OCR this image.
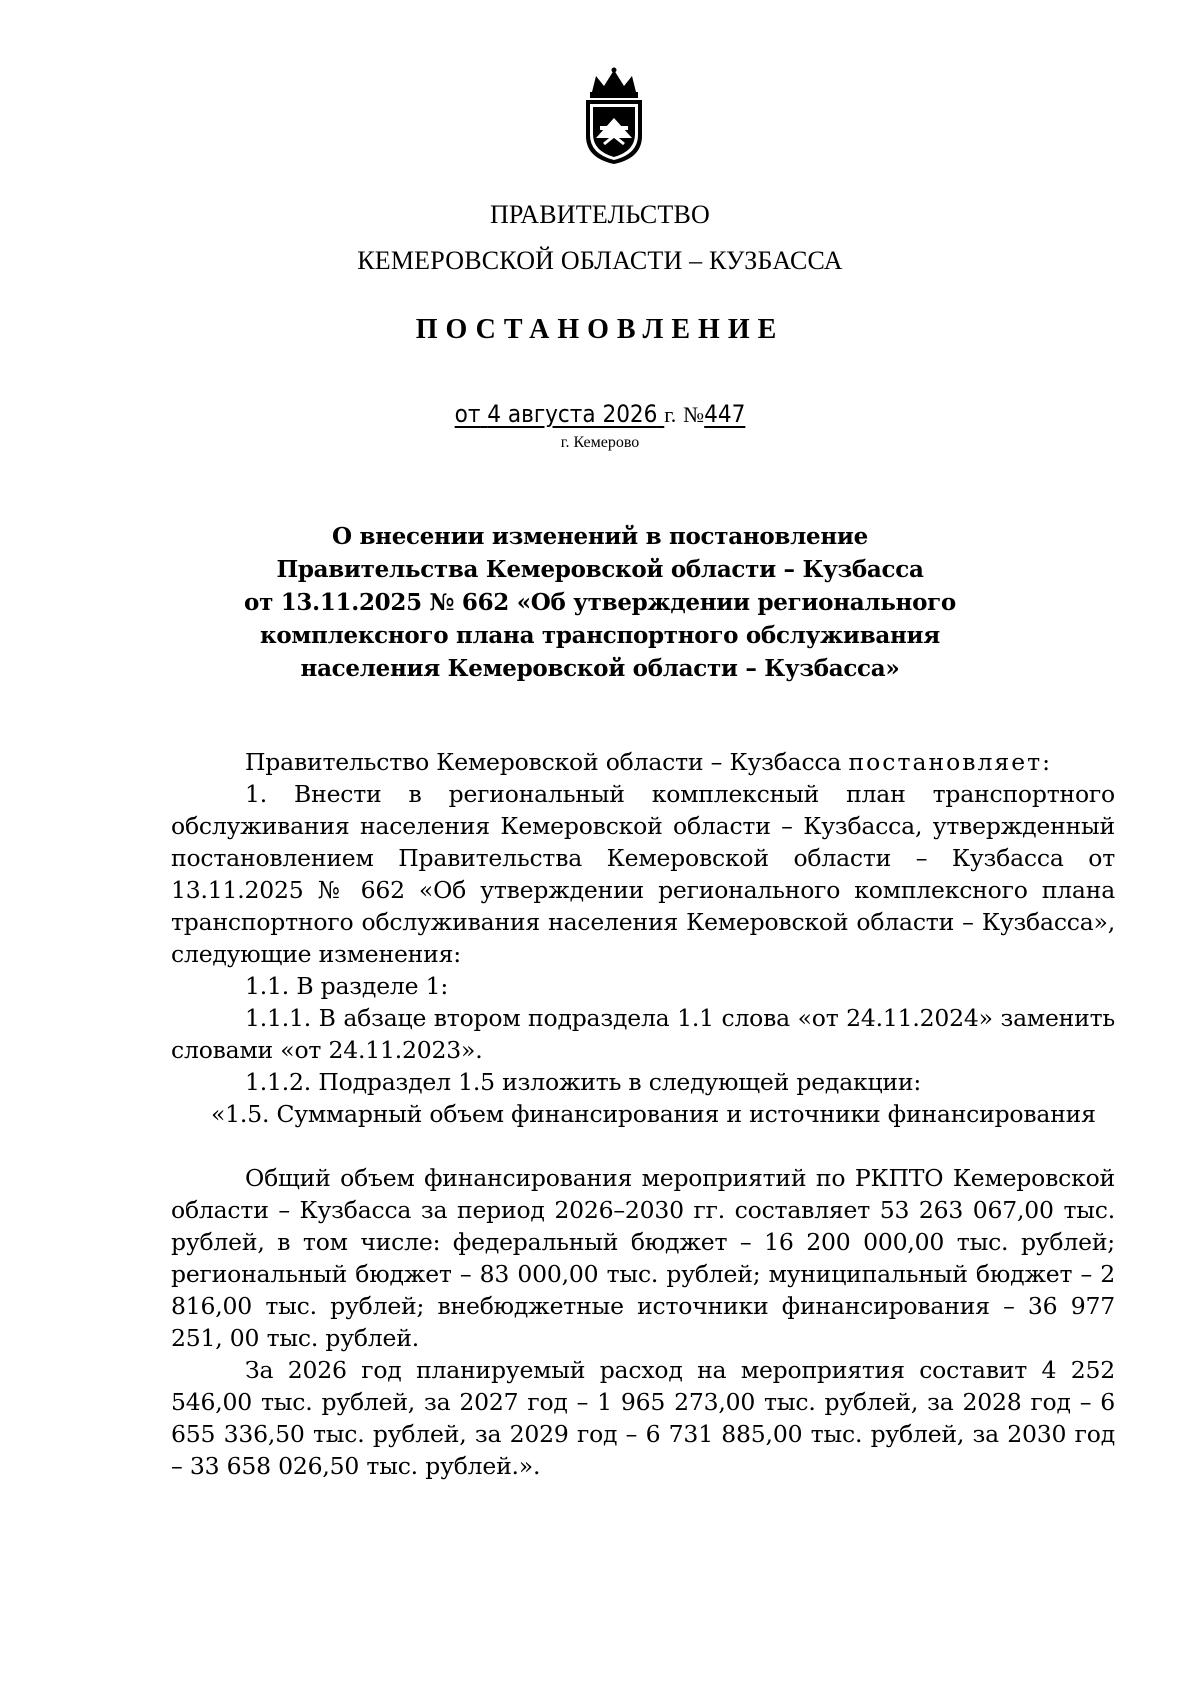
ПРАВИТЕЛЬСТВО
КЕМЕРОВСКОЙ ОБЛАСТИ – КУЗБАССА
ПОСТАНОВЛЕНИЕ
от 4 августа 2026 г. №447
г. Кемерово
О внесении изменений в постановление
Правительства Кемеровской области – Кузбасса
от 13.11.2025 № 662 «Об утверждении регионального
комплексного плана транспортного обслуживания
населения Кемеровской области – Кузбасса»

Правительство Кемеровской области – Кузбасса постановляет:

1. Внести в региональный комплексный план транспортного обслуживания населения Кемеровской области – Кузбасса, утвержденный постановлением Правительства Кемеровской области – Кузбасса от 13.11.2025 № 662 «Об утверждении регионального комплексного плана транспортного обслуживания населения Кемеровской области – Кузбасса», следующие изменения:

1.1. В разделе 1:

1.1.1. В абзаце втором подраздела 1.1 слова «от 24.11.2024» заменить словами «от 24.11.2023».

1.1.2. Подраздел 1.5 изложить в следующей редакции:

«1.5. Суммарный объем финансирования и источники финансирования

Общий объем финансирования мероприятий по РКПТО Кемеровской области – Кузбасса за период 2026–2030 гг. составляет 53 263 067,00 тыс. рублей, в том числе: федеральный бюджет – 16 200 000,00 тыс. рублей; региональный бюджет – 83 000,00 тыс. рублей; муниципальный бюджет – 2 816,00 тыс. рублей; внебюджетные источники финансирования – 36 977 251, 00 тыс. рублей.

За 2026 год планируемый расход на мероприятия составит 4 252 546,00 тыс. рублей, за 2027 год – 1 965 273,00 тыс. рублей, за 2028 год – 6 655 336,50 тыс. рублей, за 2029 год – 6 731 885,00 тыс. рублей, за 2030 год – 33 658 026,50 тыс. рублей.».
